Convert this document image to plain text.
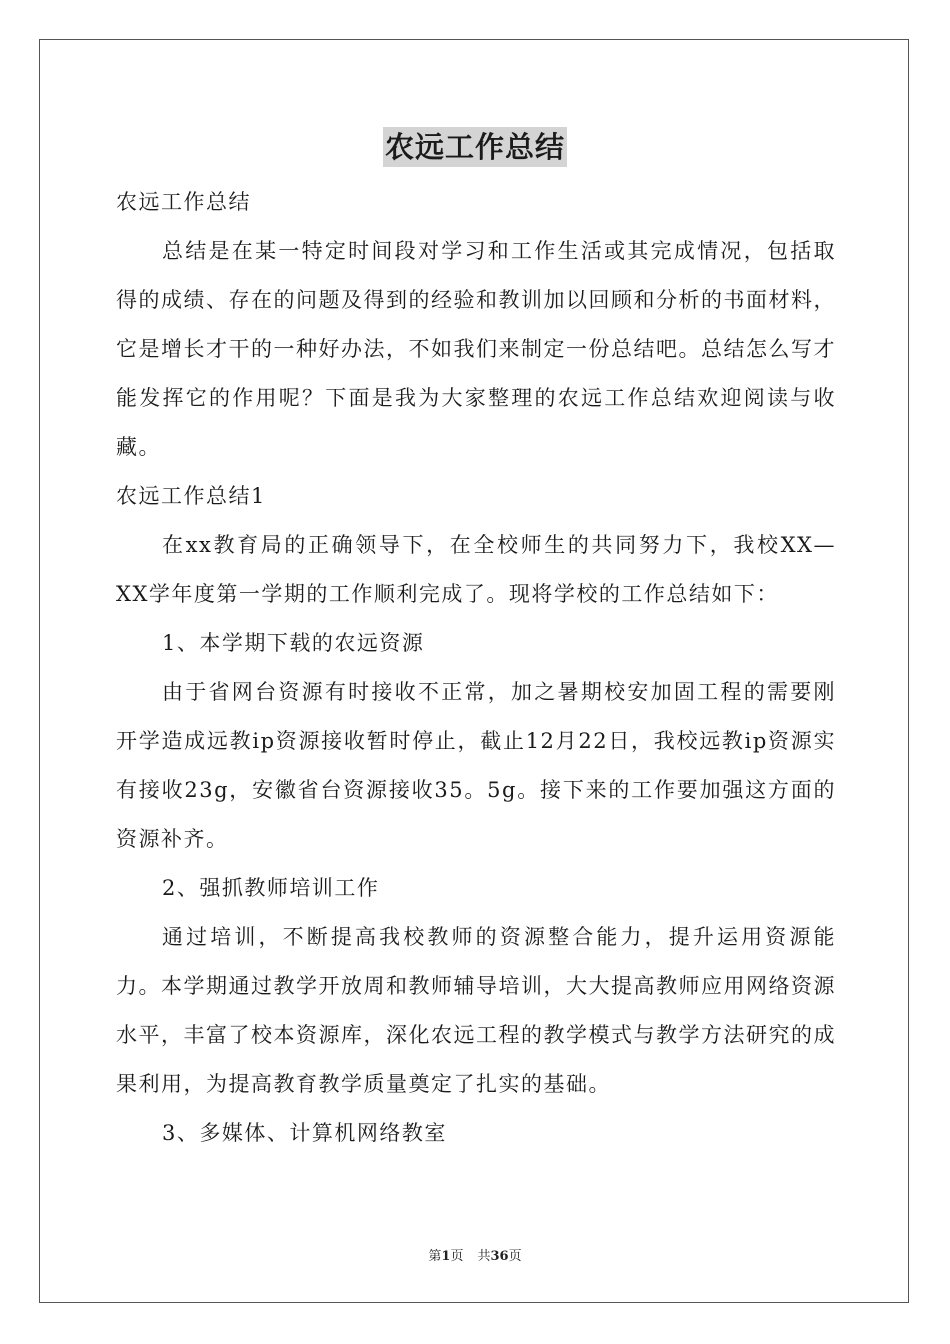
农远工作总结

农远工作总结

总结是在某一特定时间段对学习和工作生活或其完成情况，包括取得的成绩、存在的问题及得到的经验和教训加以回顾和分析的书面材料，它是增长才干的一种好办法，不如我们来制定一份总结吧。总结怎么写才能发挥它的作用呢？下面是我为大家整理的农远工作总结欢迎阅读与收藏。

农远工作总结1

在xx教育局的正确领导下，在全校师生的共同努力下，我校XX—XX学年度第一学期的工作顺利完成了。现将学校的工作总结如下：

1、本学期下载的农远资源

由于省网台资源有时接收不正常，加之暑期校安加固工程的需要刚开学造成远教ip资源接收暂时停止，截止12月22日，我校远教ip资源实有接收23g，安徽省台资源接收35。5g。接下来的工作要加强这方面的资源补齐。

2、强抓教师培训工作

通过培训，不断提高我校教师的资源整合能力，提升运用资源能力。本学期通过教学开放周和教师辅导培训，大大提高教师应用网络资源水平，丰富了校本资源库，深化农远工程的教学模式与教学方法研究的成果利用，为提高教育教学质量奠定了扎实的基础。

3、多媒体、计算机网络教室

第1页 共36页
